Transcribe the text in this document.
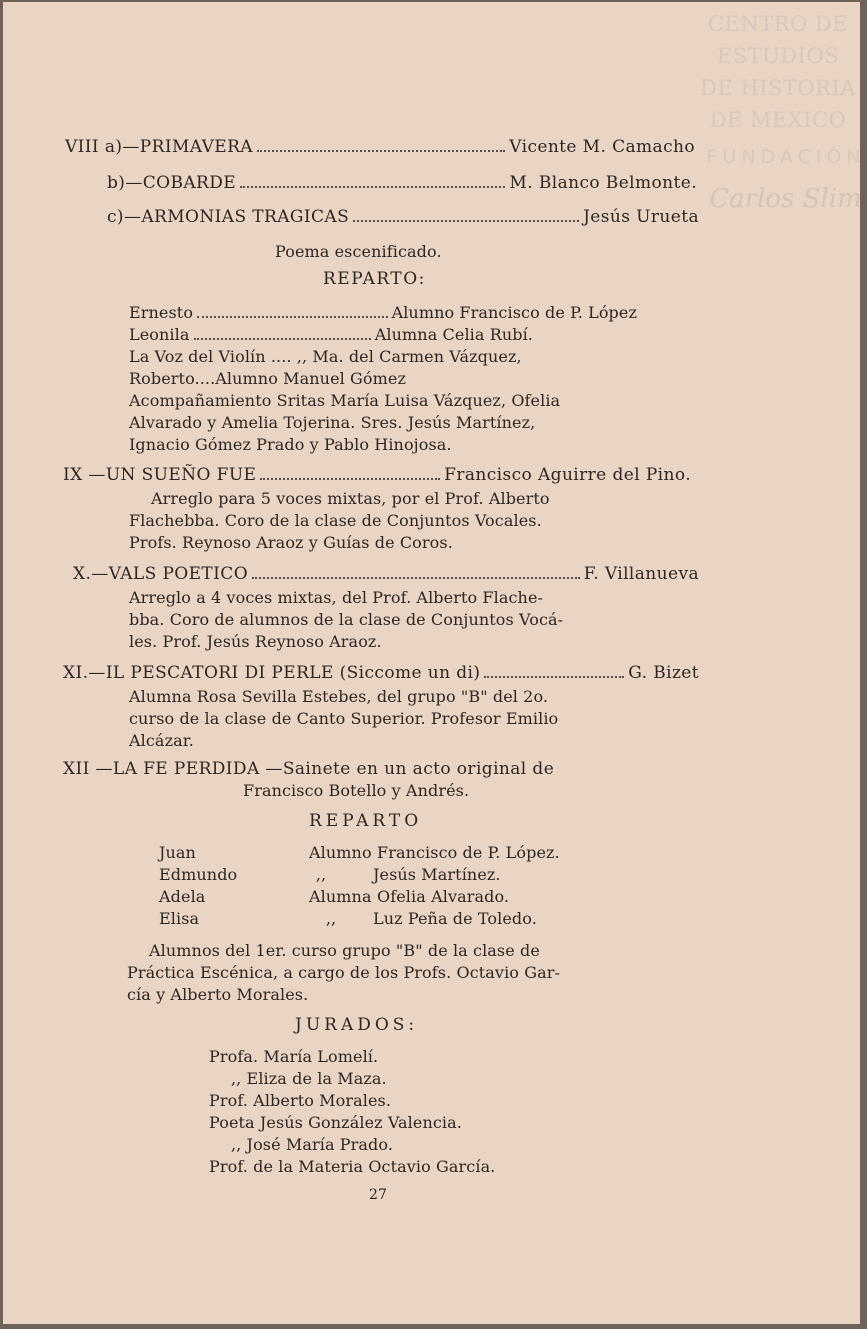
CENTRO DE
ESTUDIOS
DE HISTORIA
DE MEXICO
FUNDACIÓN
Carlos Slim
VIII a)—PRIMAVERA	Vicente M. Camacho
b)—COBARDE	M. Blanco Belmonte.
c)—ARMONIAS TRAGICAS	Jesús Urueta
Poema escenificado.
REPARTO:
Ernesto	Alumno Francisco de P. López
Leonila	Alumna Celia Rubí.
La Voz del Violín .... ,, Ma. del Carmen Vázquez,
Roberto....Alumno Manuel Gómez
Acompañamiento Sritas María Luisa Vázquez, Ofelia
Alvarado y Amelia Tojerina. Sres. Jesús Martínez,
Ignacio Gómez Prado y Pablo Hinojosa.
IX —UN SUEÑO FUE	Francisco Aguirre del Pino.
Arreglo para 5 voces mixtas, por el Prof. Alberto
Flachebba. Coro de la clase de Conjuntos Vocales.
Profs. Reynoso Araoz y Guías de Coros.
X.—VALS POETICO	F. Villanueva
Arreglo a 4 voces mixtas, del Prof. Alberto Flache-
bba. Coro de alumnos de la clase de Conjuntos Vocá-
les. Prof. Jesús Reynoso Araoz.
XI.—IL PESCATORI DI PERLE (Siccome un di)	G. Bizet
Alumna Rosa Sevilla Estebes, del grupo "B" del 2o.
curso de la clase de Canto Superior. Profesor Emilio
Alcázar.
XII —LA FE PERDIDA —Sainete en un acto original de
Francisco Botello y Andrés.
REPARTO
Juan	Alumno Francisco de P. López.
Edmundo	,,	Jesús Martínez.
Adela	Alumna Ofelia Alvarado.
Elisa	,, Luz Peña de Toledo.
Alumnos del 1er. curso grupo "B" de la clase de
Práctica Escénica, a cargo de los Profs. Octavio Gar-
cía y Alberto Morales.
JURADOS:
Profa. María Lomelí.
,, Eliza de la Maza.
Prof. Alberto Morales.
Poeta Jesús González Valencia.
,, José María Prado.
Prof. de la Materia Octavio García.
27
